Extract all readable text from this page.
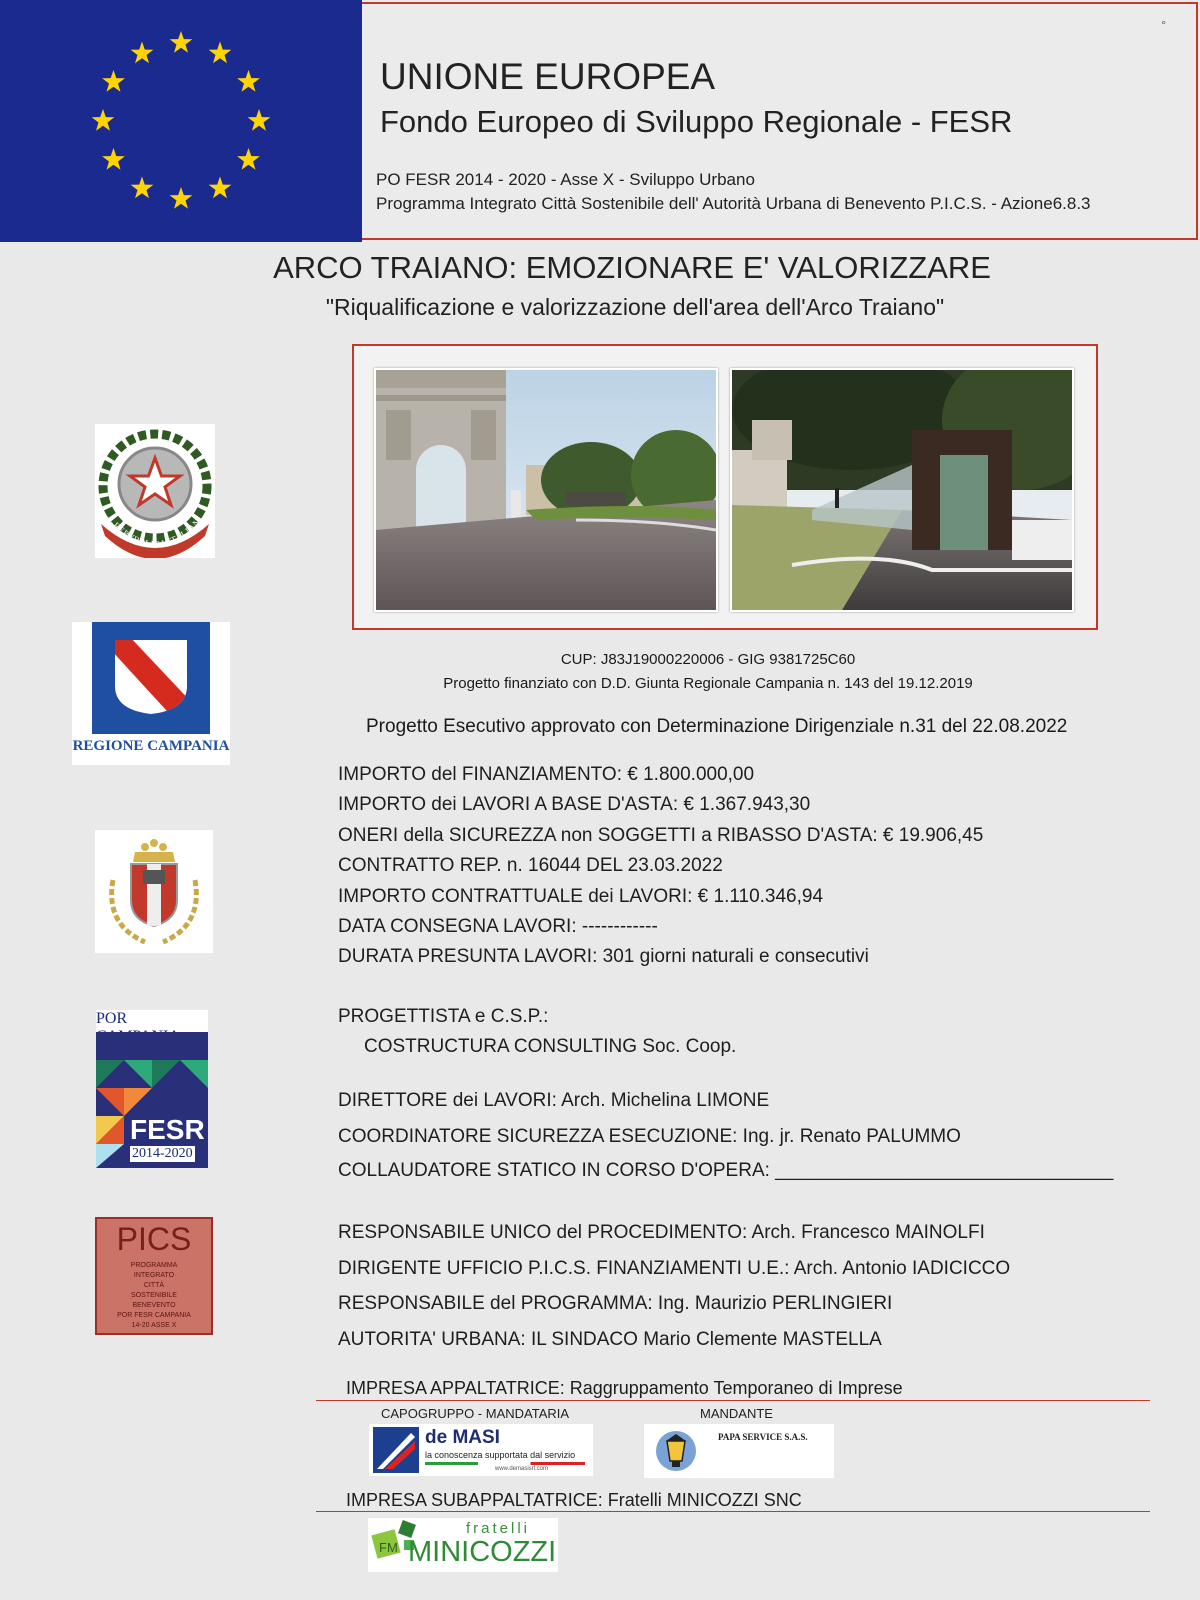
°
UNIONE EUROPEA
Fondo Europeo di Sviluppo Regionale - FESR
PO FESR 2014 - 2020 - Asse X - Sviluppo Urbano
Programma Integrato Città Sostenibile dell' Autorità Urbana di Benevento P.I.C.S. - Azione6.8.3
ARCO TRAIANO: EMOZIONARE E' VALORIZZARE
"Riqualificazione e valorizzazione dell'area dell'Arco Traiano"
CUP: J83J19000220006 - GIG 9381725C60
Progetto finanziato con D.D. Giunta Regionale Campania n. 143 del 19.12.2019
Progetto Esecutivo approvato con Determinazione Dirigenziale n.31 del 22.08.2022
IMPORTO del FINANZIAMENTO: € 1.800.000,00
IMPORTO dei LAVORI A BASE D'ASTA: € 1.367.943,30
ONERI della SICUREZZA non SOGGETTI a RIBASSO D'ASTA: € 19.906,45
CONTRATTO REP. n. 16044 DEL 23.03.2022
IMPORTO CONTRATTUALE dei LAVORI: € 1.110.346,94
DATA CONSEGNA LAVORI: ------------
DURATA PRESUNTA LAVORI: 301 giorni naturali e consecutivi
PROGETTISTA e C.S.P.:
COSTRUCTURA CONSULTING Soc. Coop.
DIRETTORE dei LAVORI: Arch. Michelina LIMONE
COORDINATORE SICUREZZA ESECUZIONE: Ing. jr. Renato PALUMMO
COLLAUDATORE STATICO IN CORSO D'OPERA: ________________________________
RESPONSABILE UNICO del PROCEDIMENTO: Arch. Francesco MAINOLFI
DIRIGENTE UFFICIO P.I.C.S. FINANZIAMENTI U.E.: Arch. Antonio IADICICCO
RESPONSABILE del PROGRAMMA: Ing. Maurizio PERLINGIERI
AUTORITA' URBANA: IL SINDACO Mario Clemente MASTELLA
IMPRESA APPALTATRICE: Raggruppamento Temporaneo di Imprese
CAPOGRUPPO - MANDATARIA	MANDANTE
de MASI
la conoscenza supportata dal servizio
www.demasisrl.com
PAPA SERVICE S.A.S.
IMPRESA SUBAPPALTATRICE: Fratelli MINICOZZI SNC
FM
fratelli
MINICOZZI
REPVBBLICA ITALIAN
REGIONE CAMPANIA
POR
FESR
2014-2020
PICS
PROGRAMMA
INTEGRATO
CITTÀ
SOSTENIBILE
BENEVENTO
POR FESR CAMPANIA
14-20 ASSE X
